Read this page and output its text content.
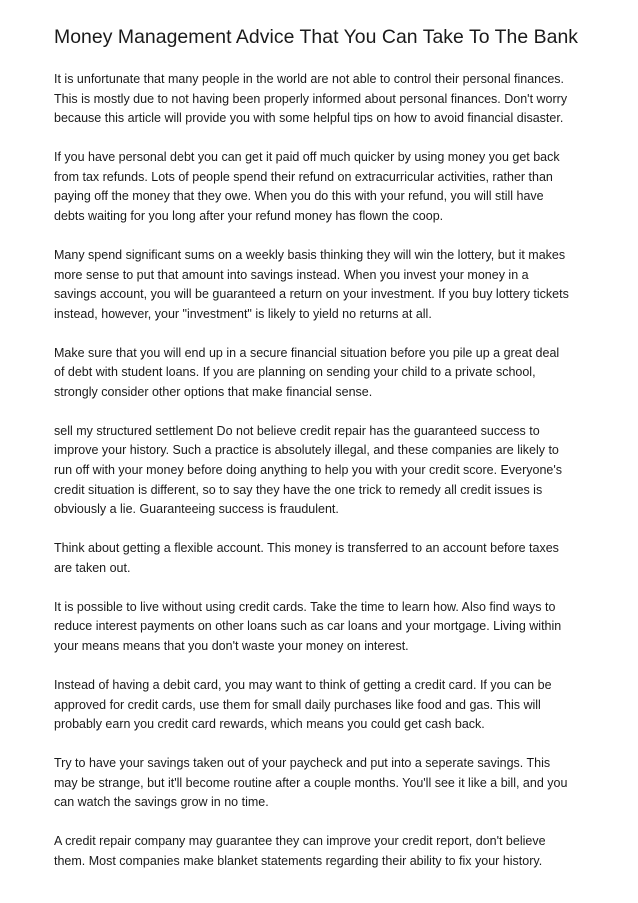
Money Management Advice That You Can Take To The Bank

It is unfortunate that many people in the world are not able to control their personal finances.
This is mostly due to not having been properly informed about personal finances. Don't worry
because this article will provide you with some helpful tips on how to avoid financial disaster.

If you have personal debt you can get it paid off much quicker by using money you get back
from tax refunds. Lots of people spend their refund on extracurricular activities, rather than
paying off the money that they owe. When you do this with your refund, you will still have
debts waiting for you long after your refund money has flown the coop.

Many spend significant sums on a weekly basis thinking they will win the lottery, but it makes
more sense to put that amount into savings instead. When you invest your money in a
savings account, you will be guaranteed a return on your investment. If you buy lottery tickets
instead, however, your "investment" is likely to yield no returns at all.

Make sure that you will end up in a secure financial situation before you pile up a great deal
of debt with student loans. If you are planning on sending your child to a private school,
strongly consider other options that make financial sense.

sell my structured settlement Do not believe credit repair has the guaranteed success to
improve your history. Such a practice is absolutely illegal, and these companies are likely to
run off with your money before doing anything to help you with your credit score. Everyone's
credit situation is different, so to say they have the one trick to remedy all credit issues is
obviously a lie. Guaranteeing success is fraudulent.

Think about getting a flexible account. This money is transferred to an account before taxes
are taken out.

It is possible to live without using credit cards. Take the time to learn how. Also find ways to
reduce interest payments on other loans such as car loans and your mortgage. Living within
your means means that you don't waste your money on interest.

Instead of having a debit card, you may want to think of getting a credit card. If you can be
approved for credit cards, use them for small daily purchases like food and gas. This will
probably earn you credit card rewards, which means you could get cash back.

Try to have your savings taken out of your paycheck and put into a seperate savings. This
may be strange, but it'll become routine after a couple months. You'll see it like a bill, and you
can watch the savings grow in no time.

A credit repair company may guarantee they can improve your credit report, don't believe
them. Most companies make blanket statements regarding their ability to fix your history.
